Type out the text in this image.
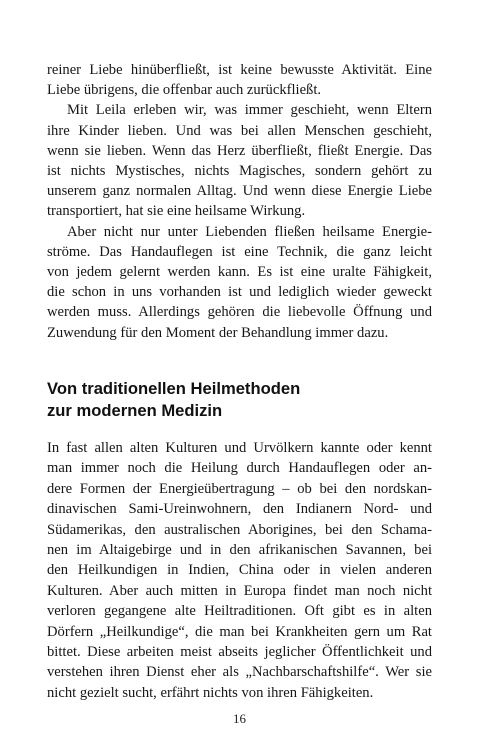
reiner Liebe hinüberfließt, ist keine bewusste Aktivität. Eine
Liebe übrigens, die offenbar auch zurückfließt.
Mit Leila erleben wir, was immer geschieht, wenn Eltern
ihre Kinder lieben. Und was bei allen Menschen geschieht,
wenn sie lieben. Wenn das Herz überfließt, fließt Energie. Das
ist nichts Mystisches, nichts Magisches, sondern gehört zu
unserem ganz normalen Alltag. Und wenn diese Energie Liebe
transportiert, hat sie eine heilsame Wirkung.
Aber nicht nur unter Liebenden fließen heilsame Energie-
ströme. Das Handauflegen ist eine Technik, die ganz leicht
von jedem gelernt werden kann. Es ist eine uralte Fähigkeit,
die schon in uns vorhanden ist und lediglich wieder geweckt
werden muss. Allerdings gehören die liebevolle Öffnung und
Zuwendung für den Moment der Behandlung immer dazu.
Von traditionellen Heilmethoden
zur modernen Medizin
In fast allen alten Kulturen und Urvölkern kannte oder kennt
man immer noch die Heilung durch Handauflegen oder an-
dere Formen der Energieübertragung – ob bei den nordskan-
dinavischen Sami-Ureinwohnern, den Indianern Nord- und
Südamerikas, den australischen Aborigines, bei den Schama-
nen im Altaigebirge und in den afrikanischen Savannen, bei
den Heilkundigen in Indien, China oder in vielen anderen
Kulturen. Aber auch mitten in Europa findet man noch nicht
verloren gegangene alte Heiltraditionen. Oft gibt es in alten
Dörfern „Heilkundige“, die man bei Krankheiten gern um Rat
bittet. Diese arbeiten meist abseits jeglicher Öffentlichkeit und
verstehen ihren Dienst eher als „Nachbarschaftshilfe“. Wer sie
nicht gezielt sucht, erfährt nichts von ihren Fähigkeiten.
16
